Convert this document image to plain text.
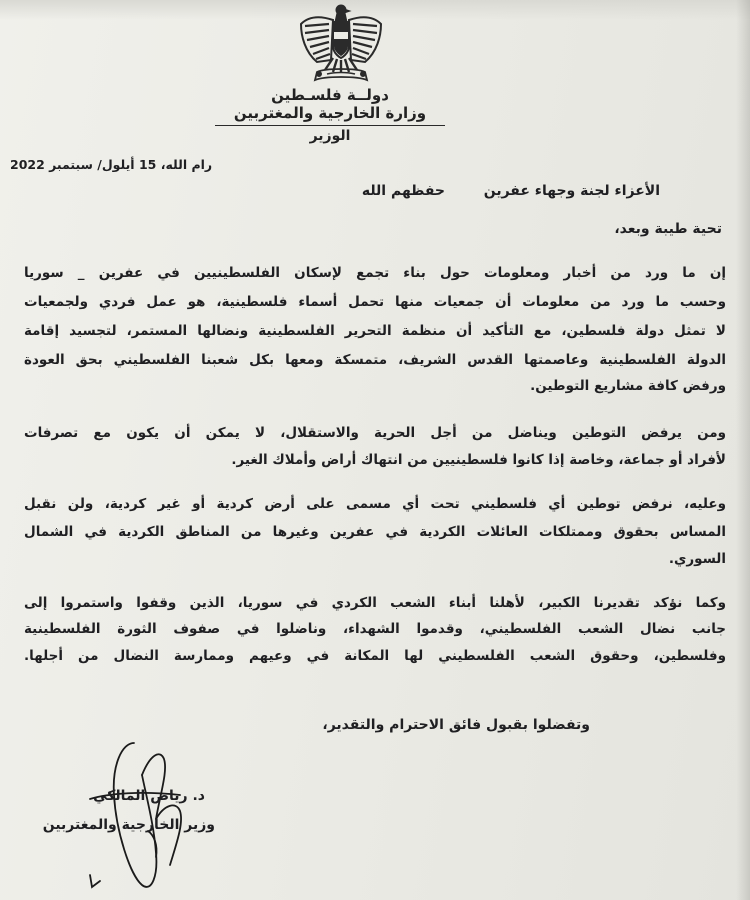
دولــة فلسـطين
وزارة الخارجية والمغتربين
الوزير
رام الله، 15 أيلول/ سبتمبر 2022
الأعزاء لجنة وجهاء عفرين
حفظهم الله
تحية طيبة وبعد،
إن ما ورد من أخبار ومعلومات حول بناء تجمع لإسكان الفلسطينيين في عفرين _ سوريا
وحسب ما ورد من معلومات أن جمعيات منها تحمل أسماء فلسطينية، هو عمل فردي ولجمعيات
لا تمثل دولة فلسطين، مع التأكيد أن منظمة التحرير الفلسطينية ونضالها المستمر، لتجسيد إقامة
الدولة الفلسطينية وعاصمتها القدس الشريف، متمسكة ومعها بكل شعبنا الفلسطيني بحق العودة
ورفض كافة مشاريع التوطين.
ومن يرفض التوطين ويناضل من أجل الحرية والاستقلال، لا يمكن أن يكون مع تصرفات
لأفراد أو جماعة، وخاصة إذا كانوا فلسطينيين من انتهاك أراض وأملاك الغير.
وعليه، نرفض توطين أي فلسطيني تحت أي مسمى على أرض كردية أو غير كردية، ولن نقبل
المساس بحقوق وممتلكات العائلات الكردية في عفرين وغيرها من المناطق الكردية في الشمال
السوري.
وكما نؤكد تقديرنا الكبير، لأهلنا أبناء الشعب الكردي في سوريا، الذين وقفوا واستمروا إلى
جانب نضال الشعب الفلسطيني، وقدموا الشهداء، وناضلوا في صفوف الثورة الفلسطينية
وفلسطين، وحقوق الشعب الفلسطيني لها المكانة في وعيهم وممارسة النضال من أجلها.
وتفضلوا بقبول فائق الاحترام والتقدير،
د. رياض المالكي
وزير الخارجية والمغتربين
